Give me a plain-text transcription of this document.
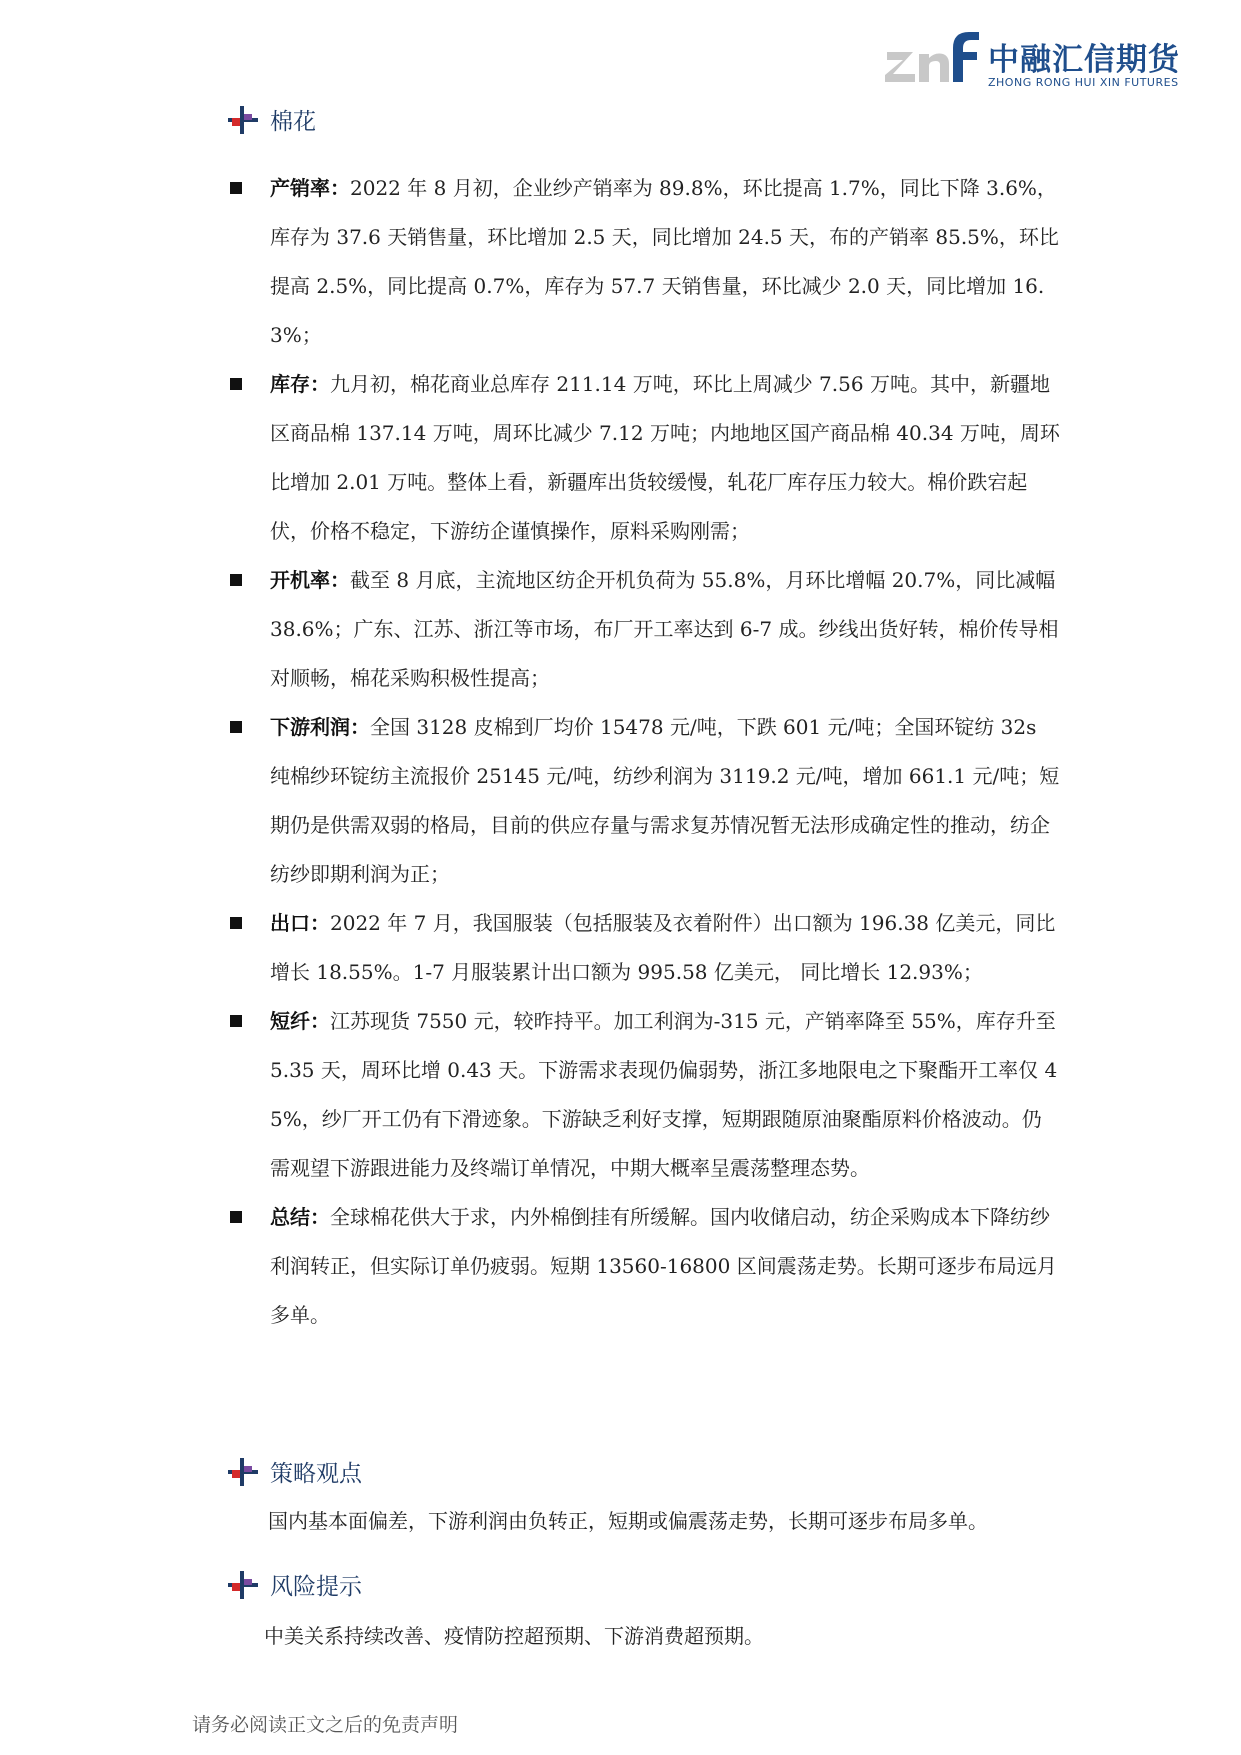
中融汇信期货
ZHONG RONG HUI XIN FUTURES
棉花
产销率：2022 年 8 月初，企业纱产销率为 89.8%，环比提高 1.7%，同比下降 3.6%，库存为 37.6 天销售量，环比增加 2.5 天，同比增加 24.5 天，布的产销率 85.5%，环比提高 2.5%，同比提高 0.7%，库存为 57.7 天销售量，环比减少 2.0 天，同比增加 16.3%；
库存：九月初，棉花商业总库存 211.14 万吨，环比上周减少 7.56 万吨。其中，新疆地区商品棉 137.14 万吨，周环比减少 7.12 万吨；内地地区国产商品棉 40.34 万吨，周环比增加 2.01 万吨。整体上看，新疆库出货较缓慢，轧花厂库存压力较大。棉价跌宕起伏，价格不稳定，下游纺企谨慎操作，原料采购刚需；
开机率：截至 8 月底，主流地区纺企开机负荷为 55.8%，月环比增幅 20.7%，同比减幅 38.6%；广东、江苏、浙江等市场，布厂开工率达到 6-7 成。纱线出货好转，棉价传导相对顺畅，棉花采购积极性提高；
下游利润：全国 3128 皮棉到厂均价 15478 元/吨，下跌 601 元/吨；全国环锭纺 32s 纯棉纱环锭纺主流报价 25145 元/吨，纺纱利润为 3119.2 元/吨，增加 661.1 元/吨；短期仍是供需双弱的格局，目前的供应存量与需求复苏情况暂无法形成确定性的推动，纺企纺纱即期利润为正；
出口：2022 年 7 月，我国服装（包括服装及衣着附件）出口额为 196.38 亿美元，同比增长 18.55%。1-7 月服装累计出口额为 995.58 亿美元， 同比增长 12.93%；
短纤：江苏现货 7550 元，较昨持平。加工利润为-315 元，产销率降至 55%，库存升至 5.35 天，周环比增 0.43 天。下游需求表现仍偏弱势，浙江多地限电之下聚酯开工率仅 45%，纱厂开工仍有下滑迹象。下游缺乏利好支撑，短期跟随原油聚酯原料价格波动。仍需观望下游跟进能力及终端订单情况，中期大概率呈震荡整理态势。
总结：全球棉花供大于求，内外棉倒挂有所缓解。国内收储启动，纺企采购成本下降纺纱利润转正，但实际订单仍疲弱。短期 13560-16800 区间震荡走势。长期可逐步布局远月多单。
策略观点
国内基本面偏差，下游利润由负转正，短期或偏震荡走势，长期可逐步布局多单。
风险提示
中美关系持续改善、疫情防控超预期、下游消费超预期。
请务必阅读正文之后的免责声明
